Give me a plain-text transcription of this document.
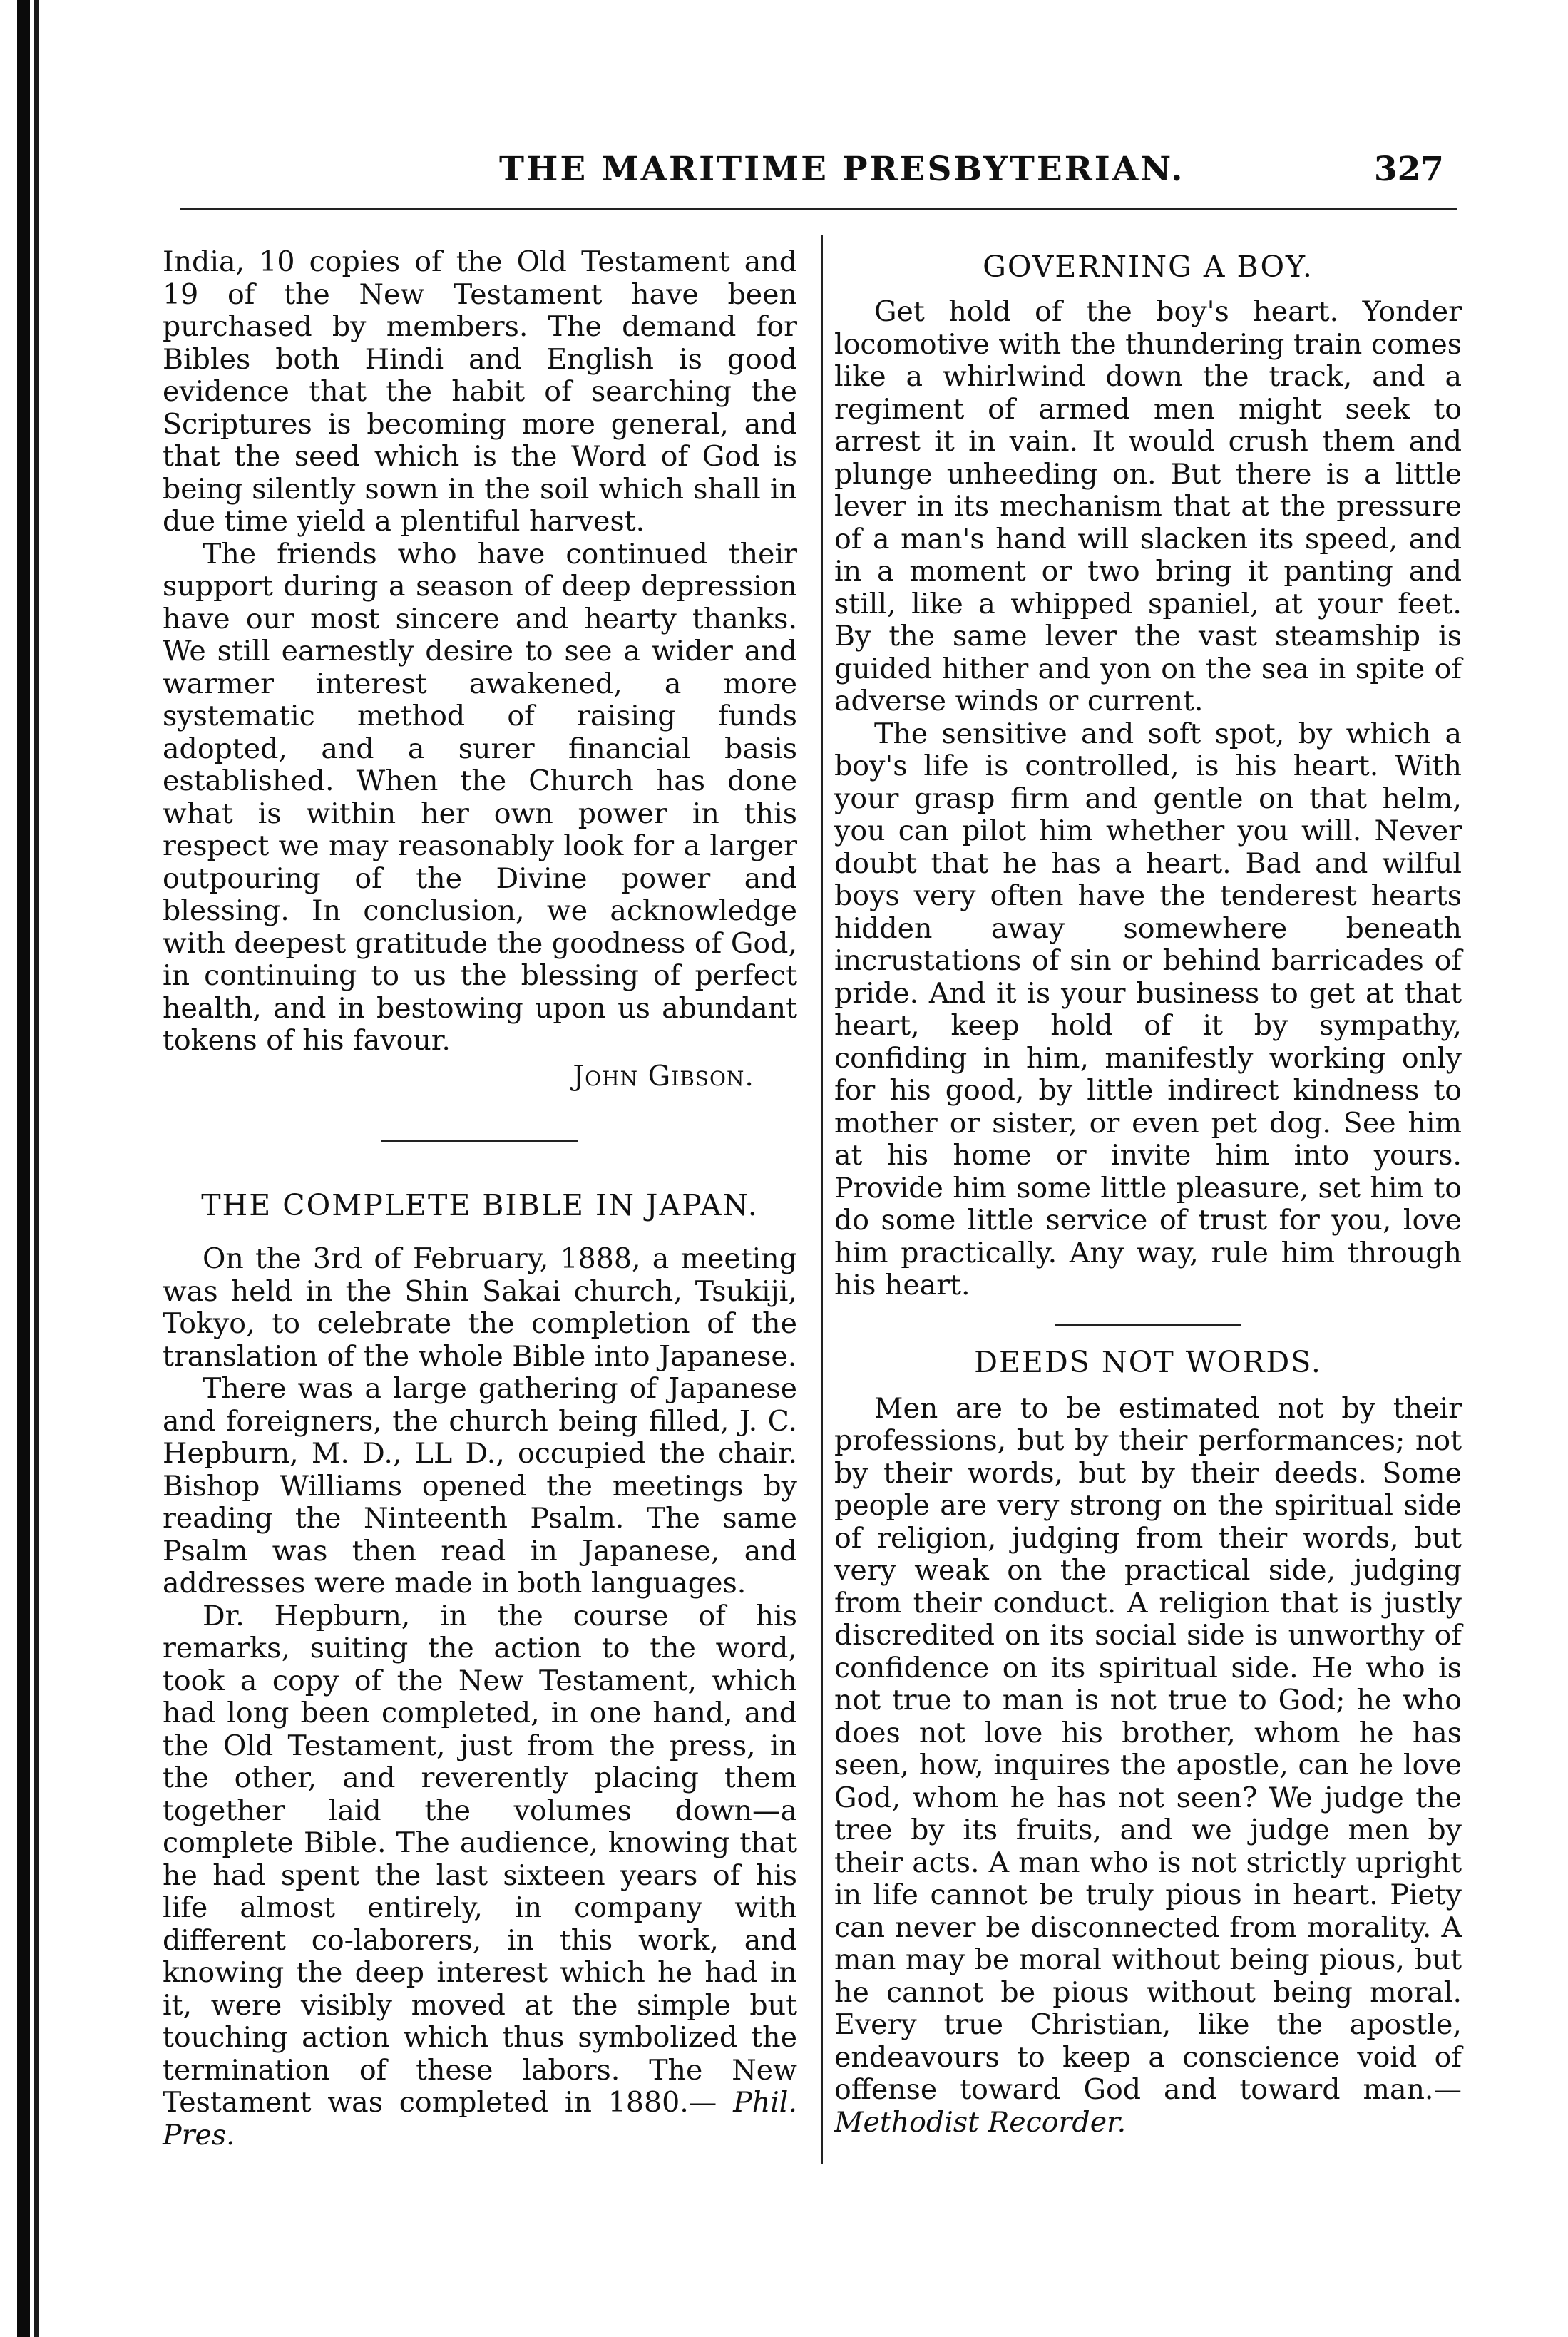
THE MARITIME PRESBYTERIAN.	327

India, 10 copies of the Old Testament and 19 of the New Testament have been purchased by members. The demand for Bibles both Hindi and English is good evidence that the habit of searching the Scriptures is becoming more general, and that the seed which is the Word of God is being silently sown in the soil which shall in due time yield a plentiful harvest.

The friends who have continued their support during a season of deep depression have our most sincere and hearty thanks. We still earnestly desire to see a wider and warmer interest awakened, a more systematic method of raising funds adopted, and a surer financial basis established. When the Church has done what is within her own power in this respect we may reasonably look for a larger outpouring of the Divine power and blessing. In conclusion, we acknowledge with deepest gratitude the goodness of God, in continuing to us the blessing of perfect health, and in bestowing upon us abundant tokens of his favour.

John Gibson.
THE COMPLETE BIBLE IN JAPAN.

On the 3rd of February, 1888, a meeting was held in the Shin Sakai church, Tsukiji, Tokyo, to celebrate the completion of the translation of the whole Bible into Japanese.

There was a large gathering of Japanese and foreigners, the church being filled, J. C. Hepburn, M. D., LL D., occupied the chair. Bishop Williams opened the meetings by reading the Ninteenth Psalm. The same Psalm was then read in Japanese, and addresses were made in both languages.

Dr. Hepburn, in the course of his remarks, suiting the action to the word, took a copy of the New Testament, which had long been completed, in one hand, and the Old Testament, just from the press, in the other, and reverently placing them together laid the volumes down—a complete Bible. The audience, knowing that he had spent the last sixteen years of his life almost entirely, in company with different co-laborers, in this work, and knowing the deep interest which he had in it, were visibly moved at the simple but touching action which thus symbolized the termination of these labors. The New Testament was completed in 1880.— Phil. Pres.

GOVERNING A BOY.

Get hold of the boy's heart. Yonder locomotive with the thundering train comes like a whirlwind down the track, and a regiment of armed men might seek to arrest it in vain. It would crush them and plunge unheeding on. But there is a little lever in its mechanism that at the pressure of a man's hand will slacken its speed, and in a moment or two bring it panting and still, like a whipped spaniel, at your feet. By the same lever the vast steamship is guided hither and yon on the sea in spite of adverse winds or current.

The sensitive and soft spot, by which a boy's life is controlled, is his heart. With your grasp firm and gentle on that helm, you can pilot him whether you will. Never doubt that he has a heart. Bad and wilful boys very often have the tenderest hearts hidden away somewhere beneath incrustations of sin or behind barricades of pride. And it is your business to get at that heart, keep hold of it by sympathy, confiding in him, manifestly working only for his good, by little indirect kindness to mother or sister, or even pet dog. See him at his home or invite him into yours. Provide him some little pleasure, set him to do some little service of trust for you, love him practically. Any way, rule him through his heart.

DEEDS NOT WORDS.

Men are to be estimated not by their professions, but by their performances; not by their words, but by their deeds. Some people are very strong on the spiritual side of religion, judging from their words, but very weak on the practical side, judging from their conduct. A religion that is justly discredited on its social side is unworthy of confidence on its spiritual side. He who is not true to man is not true to God; he who does not love his brother, whom he has seen, how, inquires the apostle, can he love God, whom he has not seen? We judge the tree by its fruits, and we judge men by their acts. A man who is not strictly upright in life cannot be truly pious in heart. Piety can never be disconnected from morality. A man may be moral without being pious, but he cannot be pious without being moral. Every true Christian, like the apostle, endeavours to keep a conscience void of offense toward God and toward man.— Methodist Recorder.
